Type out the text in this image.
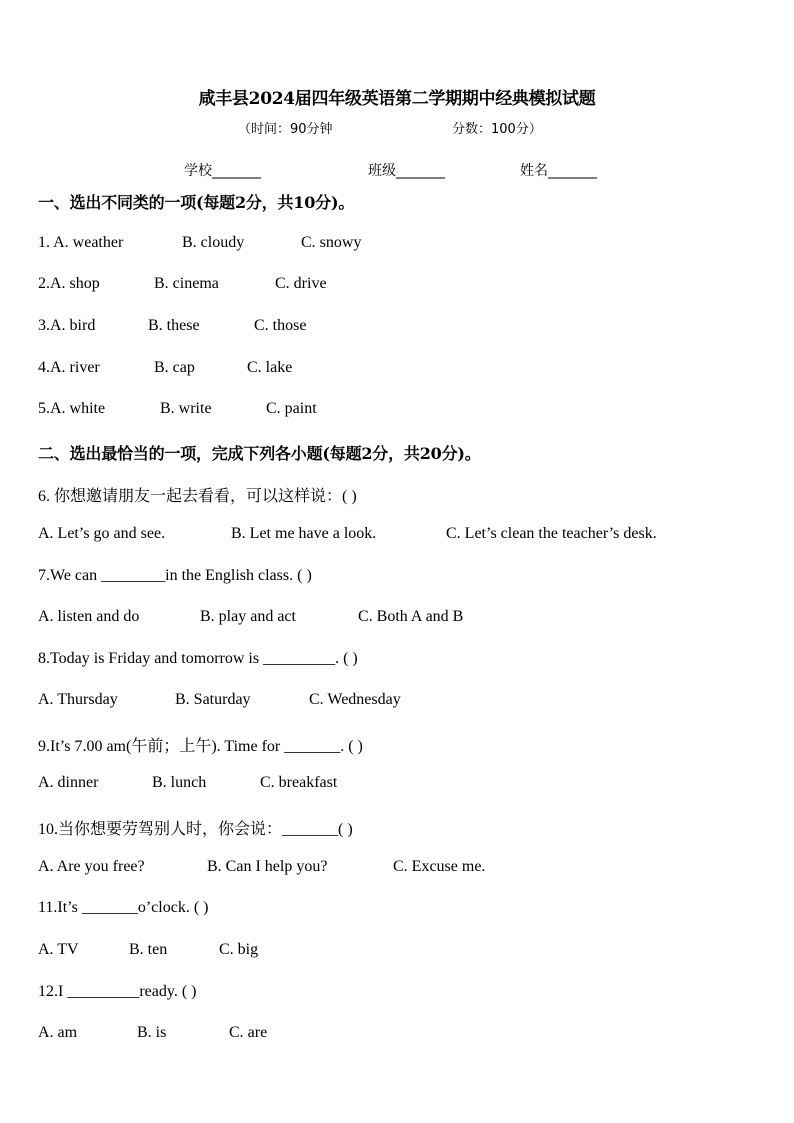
咸丰县2024届四年级英语第二学期期中经典模拟试题
（时间：90分钟	分数：100分）
学校_______	班级_______	姓名_______
一、选出不同类的一项(每题2分，共10分)。
1. A. weather	B. cloudy	C. snowy
2.A. shop	B. cinema	C. drive
3.A. bird	B. these	C. those
4.A. river	B. cap	C. lake
5.A. white	B. write	C. paint
二、选出最恰当的一项，完成下列各小题(每题2分，共20分)。
6. 你想邀请朋友一起去看看，可以这样说：( )
A. Let’s go and see.	B. Let me have a look.	C. Let’s clean the teacher’s desk.
7.We can ________in the English class. ( )
A. listen and do	B. play and act	C. Both A and B
8.Today is Friday and tomorrow is _________. ( )
A. Thursday	B. Saturday	C. Wednesday
9.It’s 7.00 am(午前；上午). Time for _______. ( )
A. dinner	B. lunch	C. breakfast
10.当你想要劳驾别人时，你会说：_______( )
A. Are you free?	B. Can I help you?	C. Excuse me.
11.It’s _______o’clock. ( )
A. TV	B. ten	C. big
12.I _________ready. ( )
A. am	B. is	C. are
